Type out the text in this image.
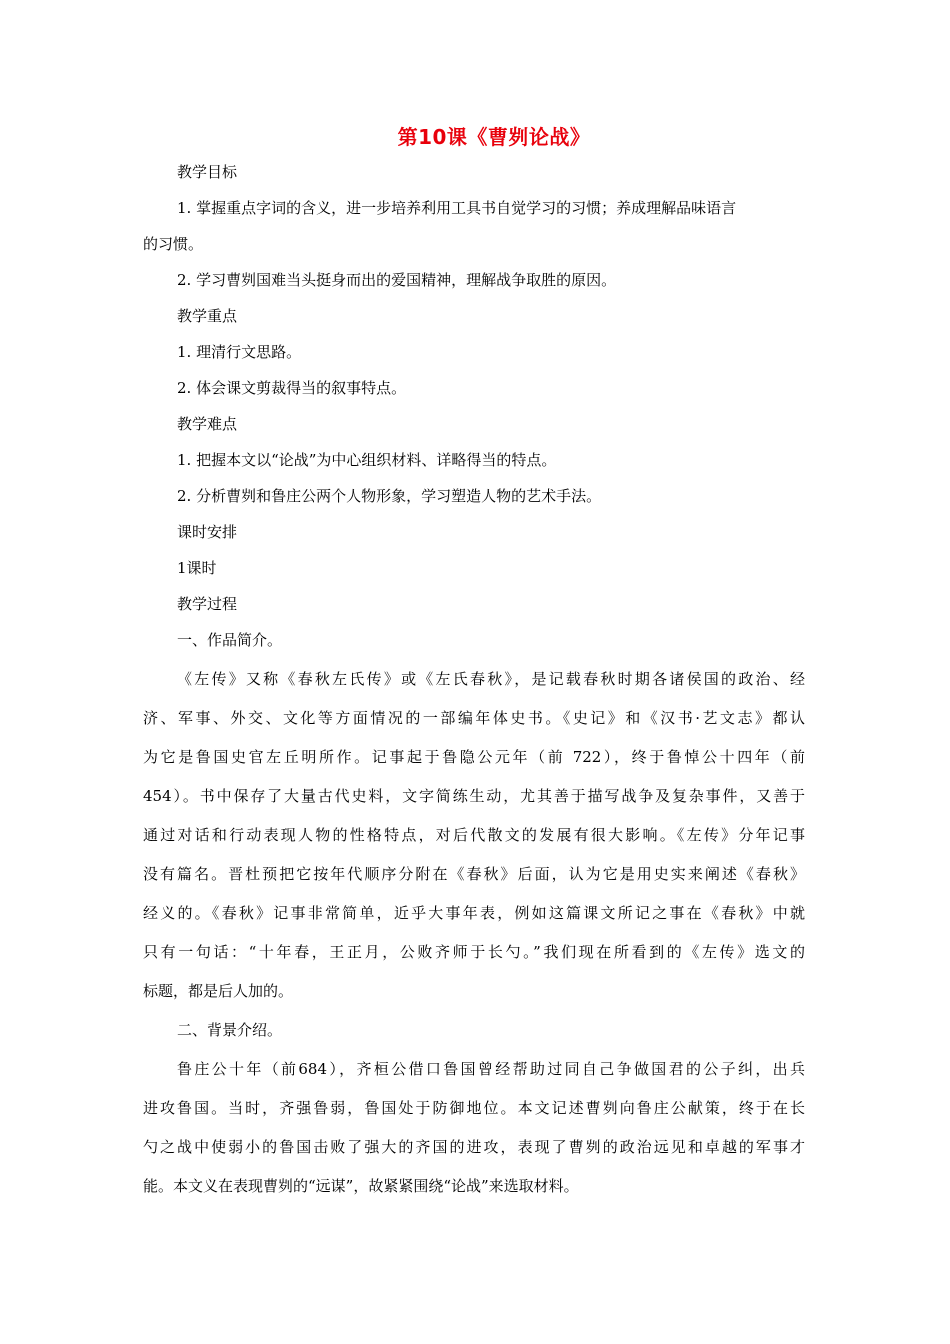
第10课《曹刿论战》
教学目标
1. 掌握重点字词的含义，进一步培养利用工具书自觉学习的习惯；养成理解品味语言
的习惯。
2. 学习曹刿国难当头挺身而出的爱国精神，理解战争取胜的原因。
教学重点
1. 理清行文思路。
2. 体会课文剪裁得当的叙事特点。
教学难点
1. 把握本文以“论战”为中心组织材料、详略得当的特点。
2. 分析曹刿和鲁庄公两个人物形象，学习塑造人物的艺术手法。
课时安排
1课时
教学过程
一、作品简介。
《左传》又称《春秋左氏传》或《左氏春秋》，是记载春秋时期各诸侯国的政治、经
济、军事、外交、文化等方面情况的一部编年体史书。《史记》和《汉书·艺文志》都认
为它是鲁国史官左丘明所作。记事起于鲁隐公元年（前 722），终于鲁悼公十四年（前
454）。书中保存了大量古代史料，文字简练生动，尤其善于描写战争及复杂事件，又善于
通过对话和行动表现人物的性格特点，对后代散文的发展有很大影响。《左传》分年记事
没有篇名。晋杜预把它按年代顺序分附在《春秋》后面，认为它是用史实来阐述《春秋》
经义的。《春秋》记事非常简单，近乎大事年表，例如这篇课文所记之事在《春秋》中就
只有一句话：“十年春，王正月，公败齐师于长勺。”我们现在所看到的《左传》选文的
标题，都是后人加的。
二、背景介绍。
鲁庄公十年（前684），齐桓公借口鲁国曾经帮助过同自己争做国君的公子纠，出兵
进攻鲁国。当时，齐强鲁弱，鲁国处于防御地位。本文记述曹刿向鲁庄公献策，终于在长
勺之战中使弱小的鲁国击败了强大的齐国的进攻，表现了曹刿的政治远见和卓越的军事才
能。本文义在表现曹刿的“远谋”，故紧紧围绕“论战”来选取材料。
